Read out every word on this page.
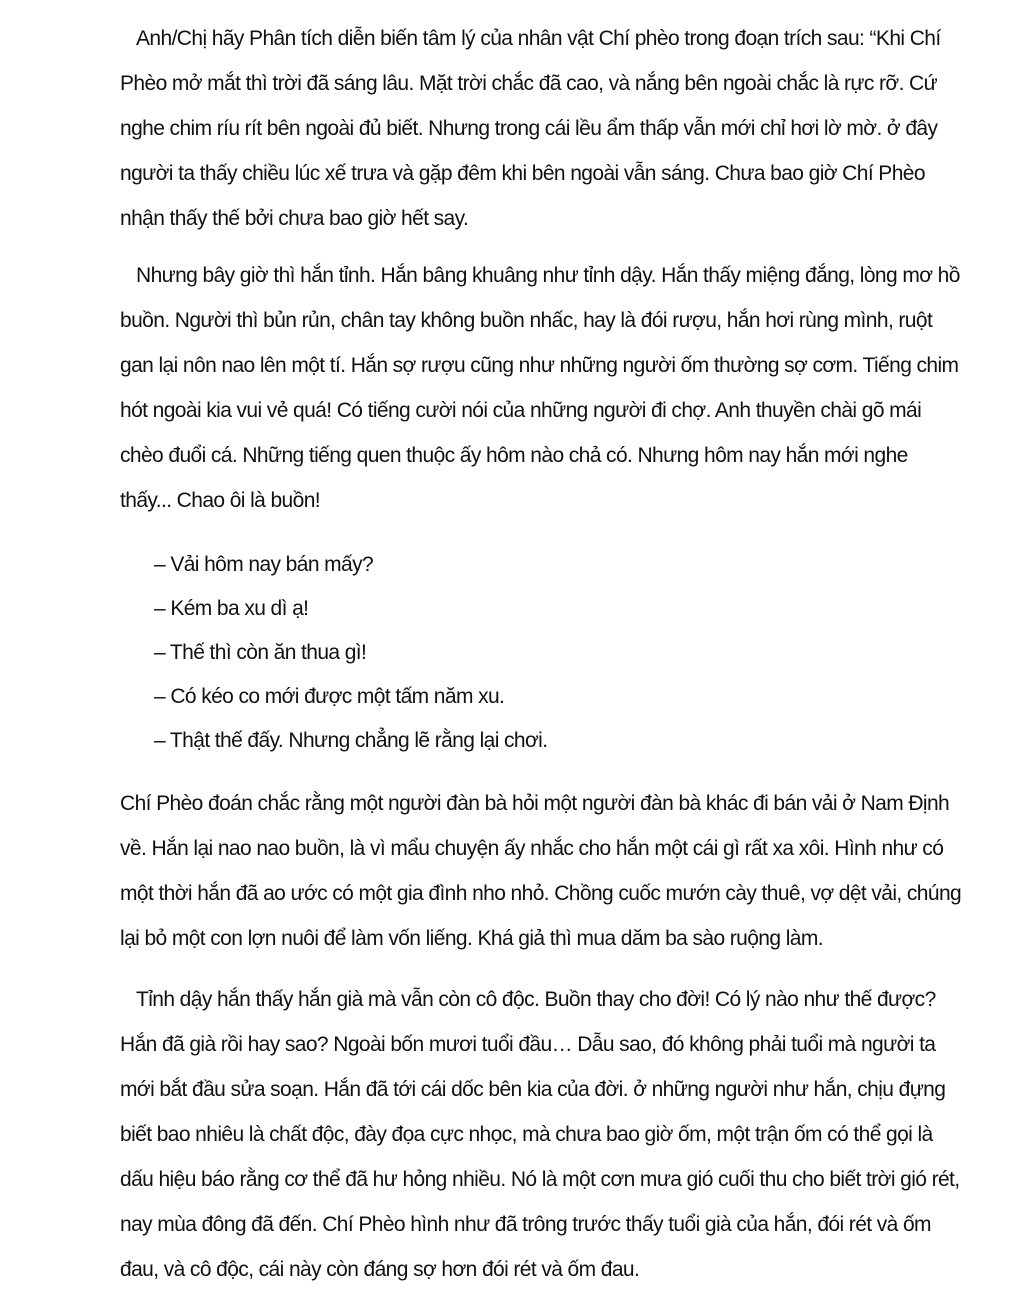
Anh/Chị hãy Phân tích diễn biến tâm lý của nhân vật Chí phèo trong đoạn trích sau: “Khi Chí Phèo mở mắt thì trời đã sáng lâu. Mặt trời chắc đã cao, và nắng bên ngoài chắc là rực rỡ. Cứ nghe chim ríu rít bên ngoài đủ biết. Nhưng trong cái lều ẩm thấp vẫn mới chỉ hơi lờ mờ. ở đây người ta thấy chiều lúc xế trưa và gặp đêm khi bên ngoài vẫn sáng. Chưa bao giờ Chí Phèo nhận thấy thế bởi chưa bao giờ hết say.

Nhưng bây giờ thì hắn tỉnh. Hắn bâng khuâng như tỉnh dậy. Hắn thấy miệng đắng, lòng mơ hồ buồn. Người thì bủn rủn, chân tay không buồn nhấc, hay là đói rượu, hắn hơi rùng mình, ruột gan lại nôn nao lên một tí. Hắn sợ rượu cũng như những người ốm thường sợ cơm. Tiếng chim hót ngoài kia vui vẻ quá! Có tiếng cười nói của những người đi chợ. Anh thuyền chài gõ mái chèo đuổi cá. Những tiếng quen thuộc ấy hôm nào chả có. Nhưng hôm nay hắn mới nghe thấy... Chao ôi là buồn!

– Vải hôm nay bán mấy?
– Kém ba xu dì ạ!
– Thế thì còn ăn thua gì!
– Có kéo co mới được một tấm năm xu.
– Thật thế đấy. Nhưng chẳng lẽ rằng lại chơi.

Chí Phèo đoán chắc rằng một người đàn bà hỏi một người đàn bà khác đi bán vải ở Nam Định về. Hắn lại nao nao buồn, là vì mẩu chuyện ấy nhắc cho hắn một cái gì rất xa xôi. Hình như có một thời hắn đã ao ước có một gia đình nho nhỏ. Chồng cuốc mướn cày thuê, vợ dệt vải, chúng lại bỏ một con lợn nuôi để làm vốn liếng. Khá giả thì mua dăm ba sào ruộng làm.

Tỉnh dậy hắn thấy hắn già mà vẫn còn cô độc. Buồn thay cho đời! Có lý nào như thế được? Hắn đã già rồi hay sao? Ngoài bốn mươi tuổi đầu… Dẫu sao, đó không phải tuổi mà người ta mới bắt đầu sửa soạn. Hắn đã tới cái dốc bên kia của đời. ở những người như hắn, chịu đựng biết bao nhiêu là chất độc, đày đọa cực nhọc, mà chưa bao giờ ốm, một trận ốm có thể gọi là dấu hiệu báo rằng cơ thể đã hư hỏng nhiều. Nó là một cơn mưa gió cuối thu cho biết trời gió rét, nay mùa đông đã đến. Chí Phèo hình như đã trông trước thấy tuổi già của hắn, đói rét và ốm đau, và cô độc, cái này còn đáng sợ hơn đói rét và ốm đau.
